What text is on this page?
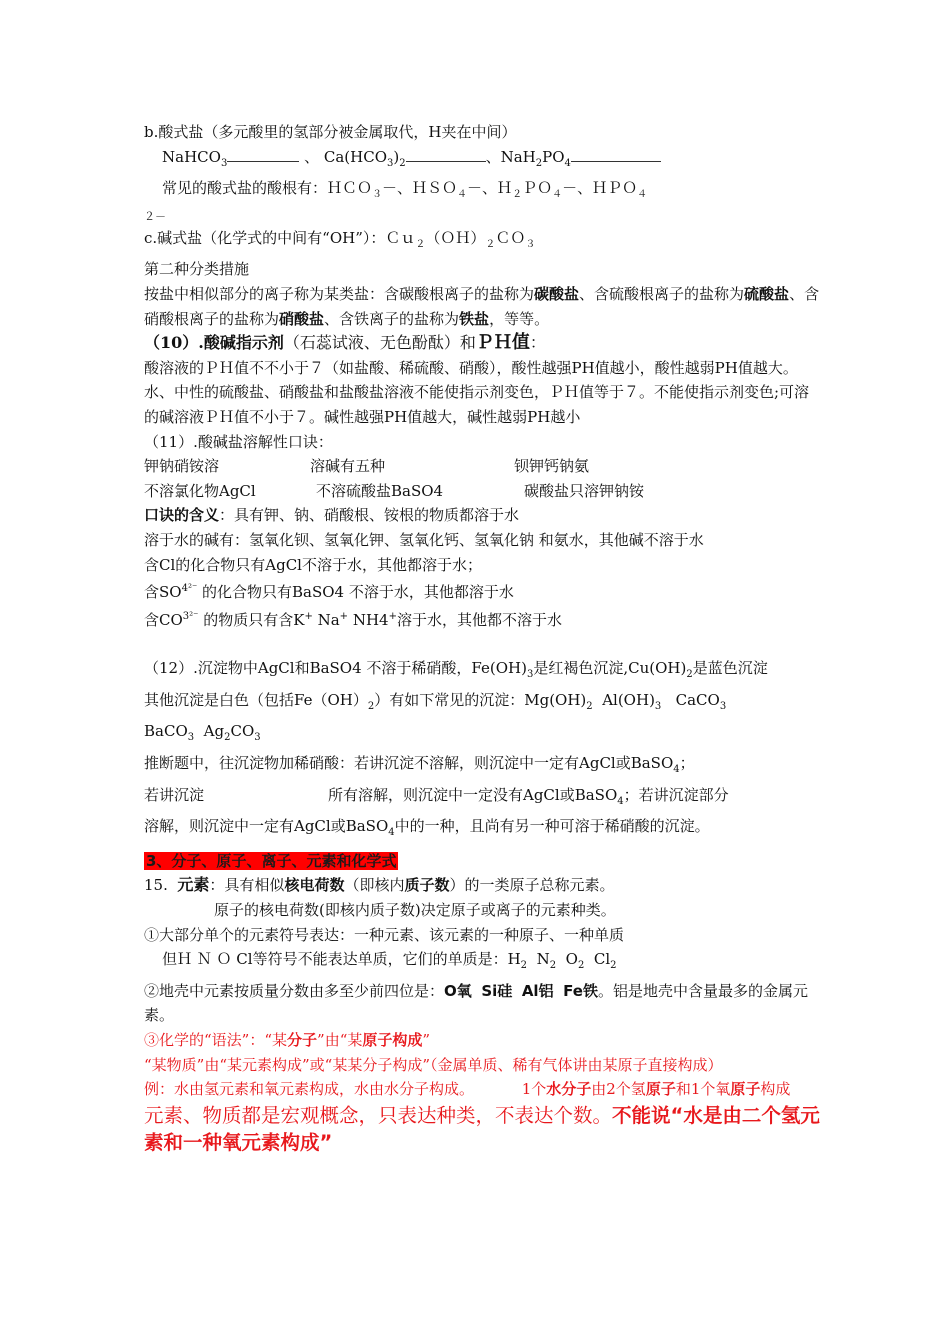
b.酸式盐（多元酸里的氢部分被金属取代，H夹在中间）
NaHCO$_3$	、 $Ca(HCO_3)_2$	、$NaH_2PO_4$
常见的酸式盐的酸根有：ＨＣＯ$_3$－、ＨＳＯ$_4$－、Ｈ$_2$ＰＯ$_4$－、ＨＰＯ$_4$
２－
c.碱式盐（化学式的中间有“OH”）：$Cu_2(OH)_2CO_3$
第二种分类措施
按盐中相似部分的离子称为某类盐：含碳酸根离子的盐称为碳酸盐、含硫酸根离子的盐称为硫酸盐、含硝酸根离子的盐称为硝酸盐、含铁离子的盐称为铁盐，等等。
（10）.酸碱指示剂（石蕊试液、无色酚酞）和ＰＨ值：
酸溶液的ＰＨ值不不小于７（如盐酸、稀硫酸、硝酸），酸性越强PH值越小，酸性越弱PH值越大。水、中性的硫酸盐、硝酸盐和盐酸盐溶液不能使指示剂变色，ＰＨ值等于７。不能使指示剂变色;可溶的碱溶液ＰＨ值不小于７。碱性越强PH值越大，碱性越弱PH越小
（11）.酸碱盐溶解性口诀：
钾钠硝铵溶	溶碱有五种	钡钾钙钠氨
不溶氯化物AgCl	不溶硫酸盐BaSO4	碳酸盐只溶钾钠铵
口诀的含义：具有钾、钠、硝酸根、铵根的物质都溶于水
溶于水的碱有：氢氧化钡、氢氧化钾、氢氧化钙、氢氧化钠 和氨水，其他碱不溶于水
含Cl的化合物只有AgCl不溶于水，其他都溶于水；
含$SO^{4^{2-}}$ 的化合物只有BaSO4 不溶于水，其他都溶于水
含$CO^{3^{2-}}$ 的物质只有含K+ Na+ NH4+溶于水，其他都不溶于水
（12）.沉淀物中AgCl和BaSO4 不溶于稀硝酸，$Fe(OH)_3$是红褐色沉淀$,Cu(OH)_2$是蓝色沉淀
其他沉淀是白色（包括$Fe(OH)_2$）有如下常见的沉淀：$Mg(OH)_2$ $Al(OH)_3$ CaCO$_3$
BaCO$_3$ $Ag_2CO_3$
推断题中，往沉淀物加稀硝酸：若讲沉淀不溶解，则沉淀中一定有AgCl或BaSO$_4$；
若讲沉淀	所有溶解，则沉淀中一定没有AgCl或BaSO$_4$；若讲沉淀部分
溶解，则沉淀中一定有AgCl或BaSO$_4$中的一种，且尚有另一种可溶于稀硝酸的沉淀。
3、分子、原子、离子、元素和化学式
15. 元素：具有相似核电荷数（即核内质子数）的一类原子总称元素。
原子的核电荷数(即核内质子数)决定原子或离子的元素种类。
①大部分单个的元素符号表达：一种元素、该元素的一种原子、一种单质
但Ｈ Ｎ Ｏ Cl等符号不能表达单质，它们的单质是：$H_2$ $N_2$ $O_2$ $Cl_2$
②地壳中元素按质量分数由多至少前四位是：O氧 Si硅 Al铝 Fe铁。铝是地壳中含量最多的金属元素。
③化学的“语法”：“某分子”由“某原子构成”
“某物质”由“某元素构成”或“某某分子构成”（金属单质、稀有气体讲由某原子直接构成）
例：水由氢元素和氧元素构成，水由水分子构成。	1个水分子由2个氢原子和1个氧原子构成
元素、物质都是宏观概念，只表达种类，不表达个数。不能说“水是由二个氢元素和一种氧元素构成”
